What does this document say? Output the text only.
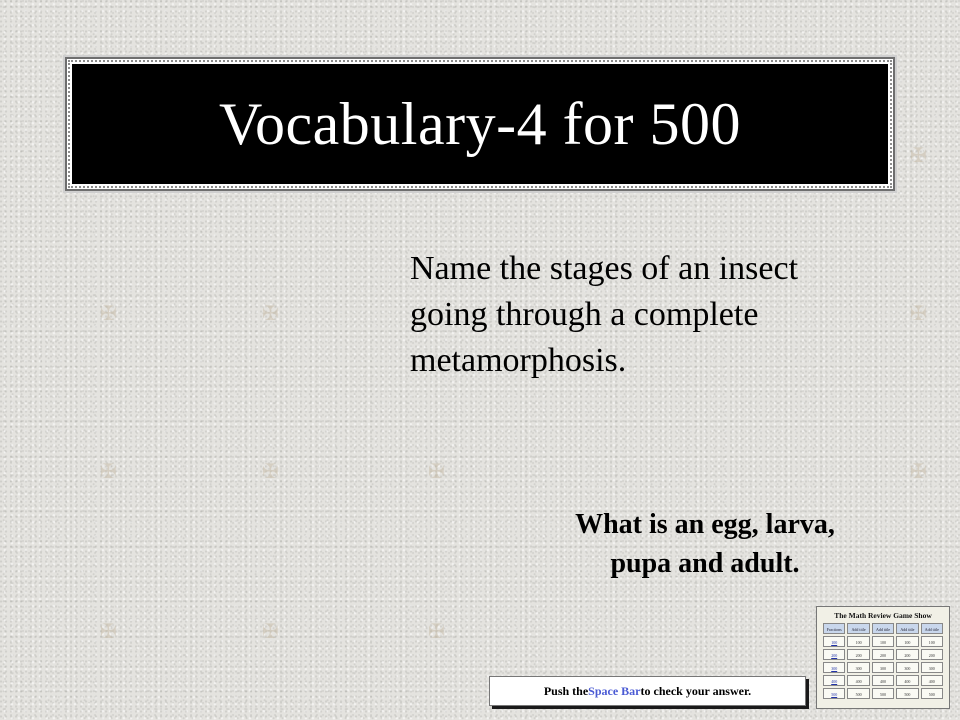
✠	✠
✠	✠
✠
✠
✠	✠
✠
✠
✠
Vocabulary-4 for 500

Name the stages of an insect going through a complete metamorphosis.

What is an egg, larva, pupa and adult.

Push the Space Bar to check your answer.
The Math Review Game Show
Fractions	Add title	Add title	Add title	Add title
100	100	100	100	100
200	200	200	200	200
300	300	300	300	300
400	400	400	400	400
500	500	500	500	500
